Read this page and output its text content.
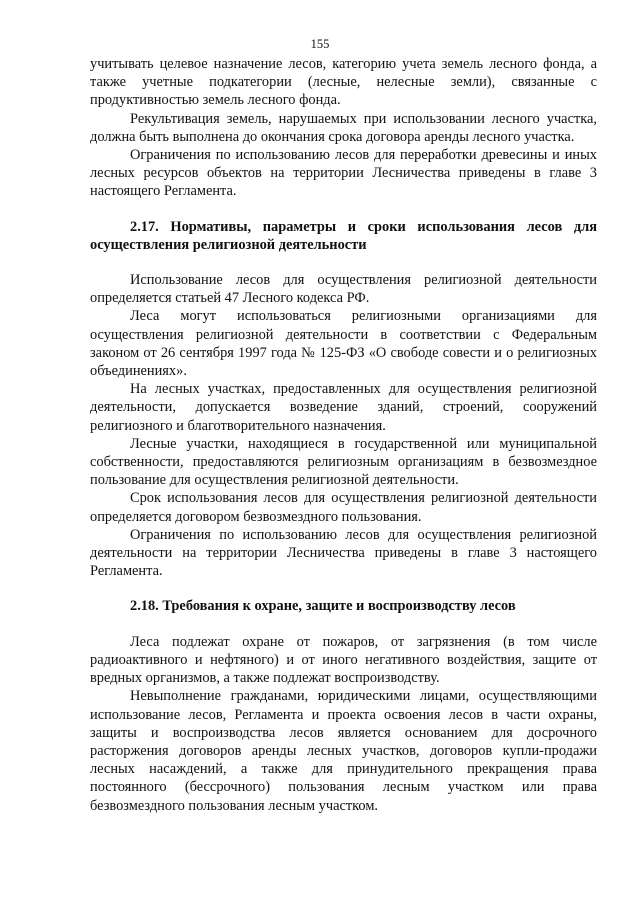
155

учитывать целевое назначение лесов, категорию учета земель лесного фонда, а также учетные подкатегории (лесные, нелесные земли), связанные с продуктивностью земель лесного фонда.

Рекультивация земель, нарушаемых при использовании лесного участка, должна быть выполнена до окончания срока договора аренды лесного участка.

Ограничения по использованию лесов для переработки древесины и иных лесных ресурсов объектов на территории Лесничества приведены в главе 3 настоящего Регламента.

2.17. Нормативы, параметры и сроки использования лесов для осуществления религиозной деятельности

Использование лесов для осуществления религиозной деятельности определяется статьей 47 Лесного кодекса РФ.

Леса могут использоваться религиозными организациями для осуществления религиозной деятельности в соответствии с Федеральным законом от 26 сентября 1997 года № 125-ФЗ «О свободе совести и о религиозных объединениях».

На лесных участках, предоставленных для осуществления религиозной деятельности, допускается возведение зданий, строений, сооружений религиозного и благотворительного назначения.

Лесные участки, находящиеся в государственной или муниципальной собственности, предоставляются религиозным организациям в безвозмездное пользование для осуществления религиозной деятельности.

Срок использования лесов для осуществления религиозной деятельности определяется договором безвозмездного пользования.

Ограничения по использованию лесов для осуществления религиозной деятельности на территории Лесничества приведены в главе 3 настоящего Регламента.

2.18. Требования к охране, защите и воспроизводству лесов

Леса подлежат охране от пожаров, от загрязнения (в том числе радиоактивного и нефтяного) и от иного негативного воздействия, защите от вредных организмов, а также подлежат воспроизводству.

Невыполнение гражданами, юридическими лицами, осуществляющими использование лесов, Регламента и проекта освоения лесов в части охраны, защиты и воспроизводства лесов является основанием для досрочного расторжения договоров аренды лесных участков, договоров купли-продажи лесных насаждений, а также для принудительного прекращения права постоянного (бессрочного) пользования лесным участком или права безвозмездного пользования лесным участком.
